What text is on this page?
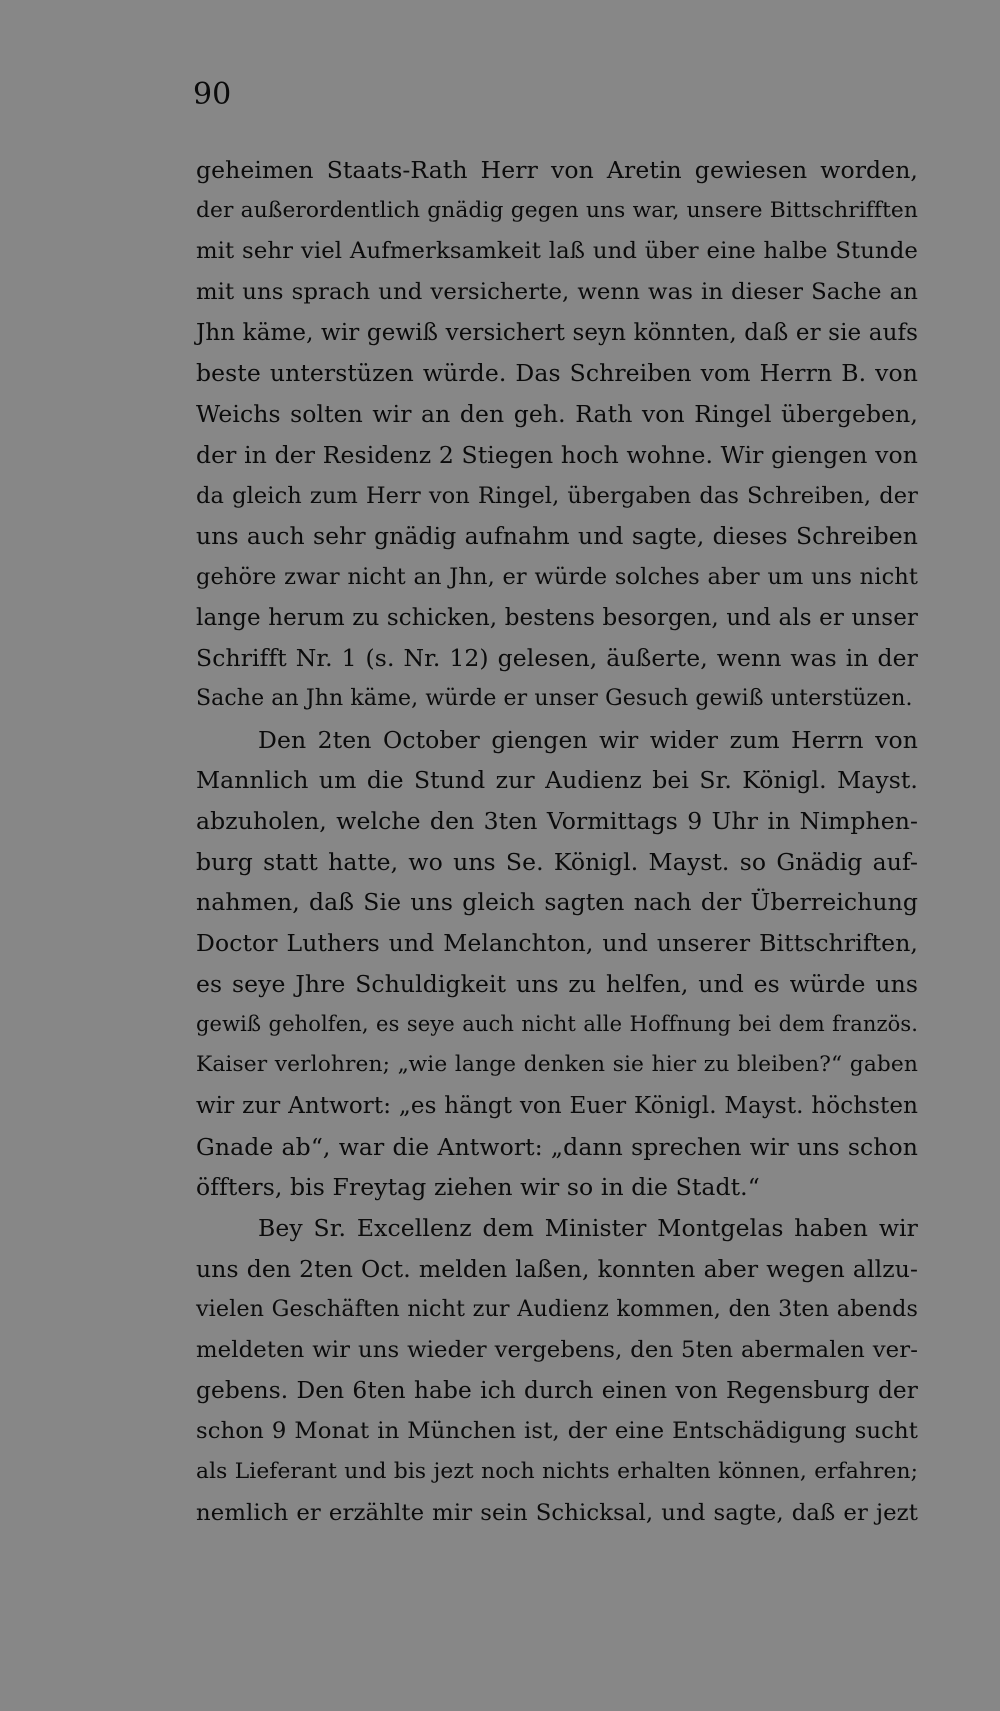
90
geheimen Staats-Rath Herr von Aretin gewiesen worden,
der außerordentlich gnädig gegen uns war, unsere Bittschrifften
mit sehr viel Aufmerksamkeit laß und über eine halbe Stunde
mit uns sprach und versicherte, wenn was in dieser Sache an
Jhn käme, wir gewiß versichert seyn könnten, daß er sie aufs
beste unterstüzen würde. Das Schreiben vom Herrn B. von
Weichs solten wir an den geh. Rath von Ringel übergeben,
der in der Residenz 2 Stiegen hoch wohne. Wir giengen von
da gleich zum Herr von Ringel, übergaben das Schreiben, der
uns auch sehr gnädig aufnahm und sagte, dieses Schreiben
gehöre zwar nicht an Jhn, er würde solches aber um uns nicht
lange herum zu schicken, bestens besorgen, und als er unser
Schrifft Nr. 1 (s. Nr. 12) gelesen, äußerte, wenn was in der
Sache an Jhn käme, würde er unser Gesuch gewiß unterstüzen.
Den 2ten October giengen wir wider zum Herrn von
Mannlich um die Stund zur Audienz bei Sr. Königl. Mayst.
abzuholen, welche den 3ten Vormittags 9 Uhr in Nimphen-
burg statt hatte, wo uns Se. Königl. Mayst. so Gnädig auf-
nahmen, daß Sie uns gleich sagten nach der Überreichung
Doctor Luthers und Melanchton, und unserer Bittschriften,
es seye Jhre Schuldigkeit uns zu helfen, und es würde uns
gewiß geholfen, es seye auch nicht alle Hoffnung bei dem französ.
Kaiser verlohren; „wie lange denken sie hier zu bleiben?“ gaben
wir zur Antwort: „es hängt von Euer Königl. Mayst. höchsten
Gnade ab“, war die Antwort: „dann sprechen wir uns schon
öffters, bis Freytag ziehen wir so in die Stadt.“
Bey Sr. Excellenz dem Minister Montgelas haben wir
uns den 2ten Oct. melden laßen, konnten aber wegen allzu-
vielen Geschäften nicht zur Audienz kommen, den 3ten abends
meldeten wir uns wieder vergebens, den 5ten abermalen ver-
gebens. Den 6ten habe ich durch einen von Regensburg der
schon 9 Monat in München ist, der eine Entschädigung sucht
als Lieferant und bis jezt noch nichts erhalten können, erfahren;
nemlich er erzählte mir sein Schicksal, und sagte, daß er jezt
